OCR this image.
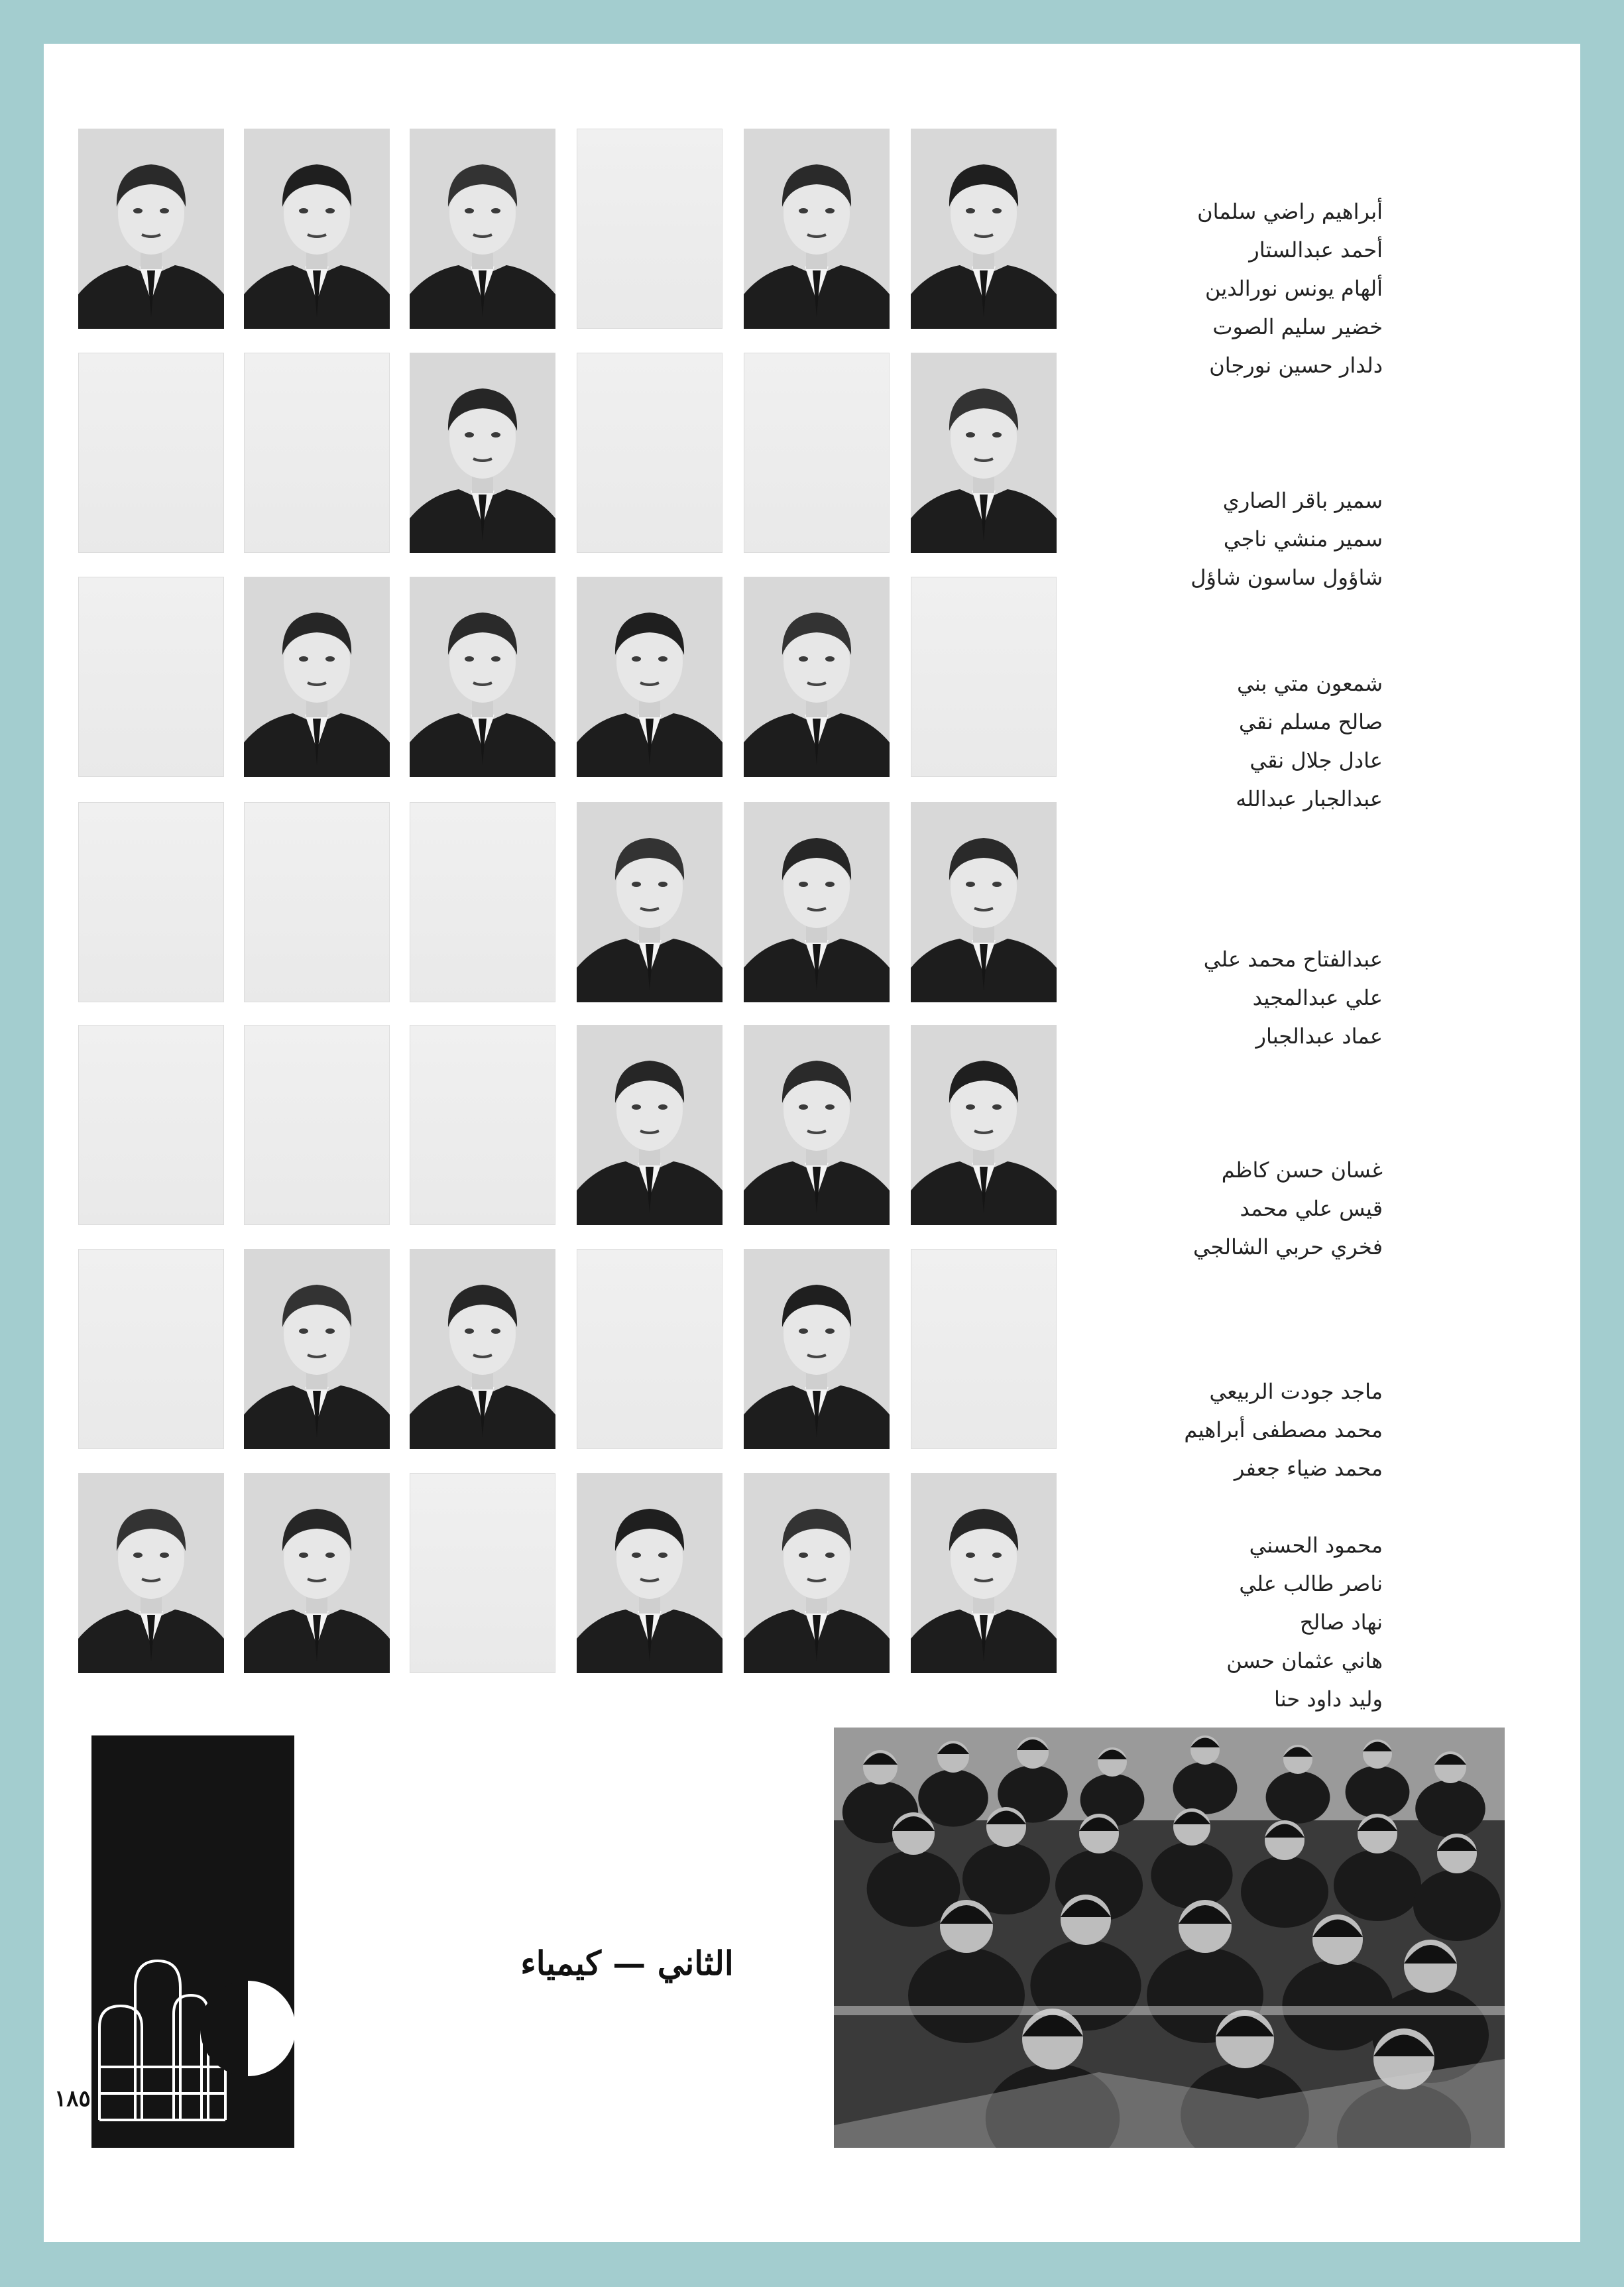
أبراهيم راضي سلمان
أحمد عبدالستار
ألهام يونس نورالدين
خضير سليم الصوت
دلدار حسين نورجان
سمير باقر الصاري
سمير منشي ناجي
شاؤول ساسون شاؤل
شمعون متي بني
صالح مسلم نقي
عادل جلال نقي
عبدالجبار عبدالله
عبدالفتاح محمد علي
علي عبدالمجيد
عماد عبدالجبار
غسان حسن كاظم
قيس علي محمد
فخري حربي الشالجي
ماجد جودت الربيعي
محمد مصطفى أبراهيم
محمد ضياء جعفر
محمود الحسني
ناصر طالب علي
نهاد صالح
هاني عثمان حسن
وليد داود حنا
الثاني — كيمياء
١٨٥
